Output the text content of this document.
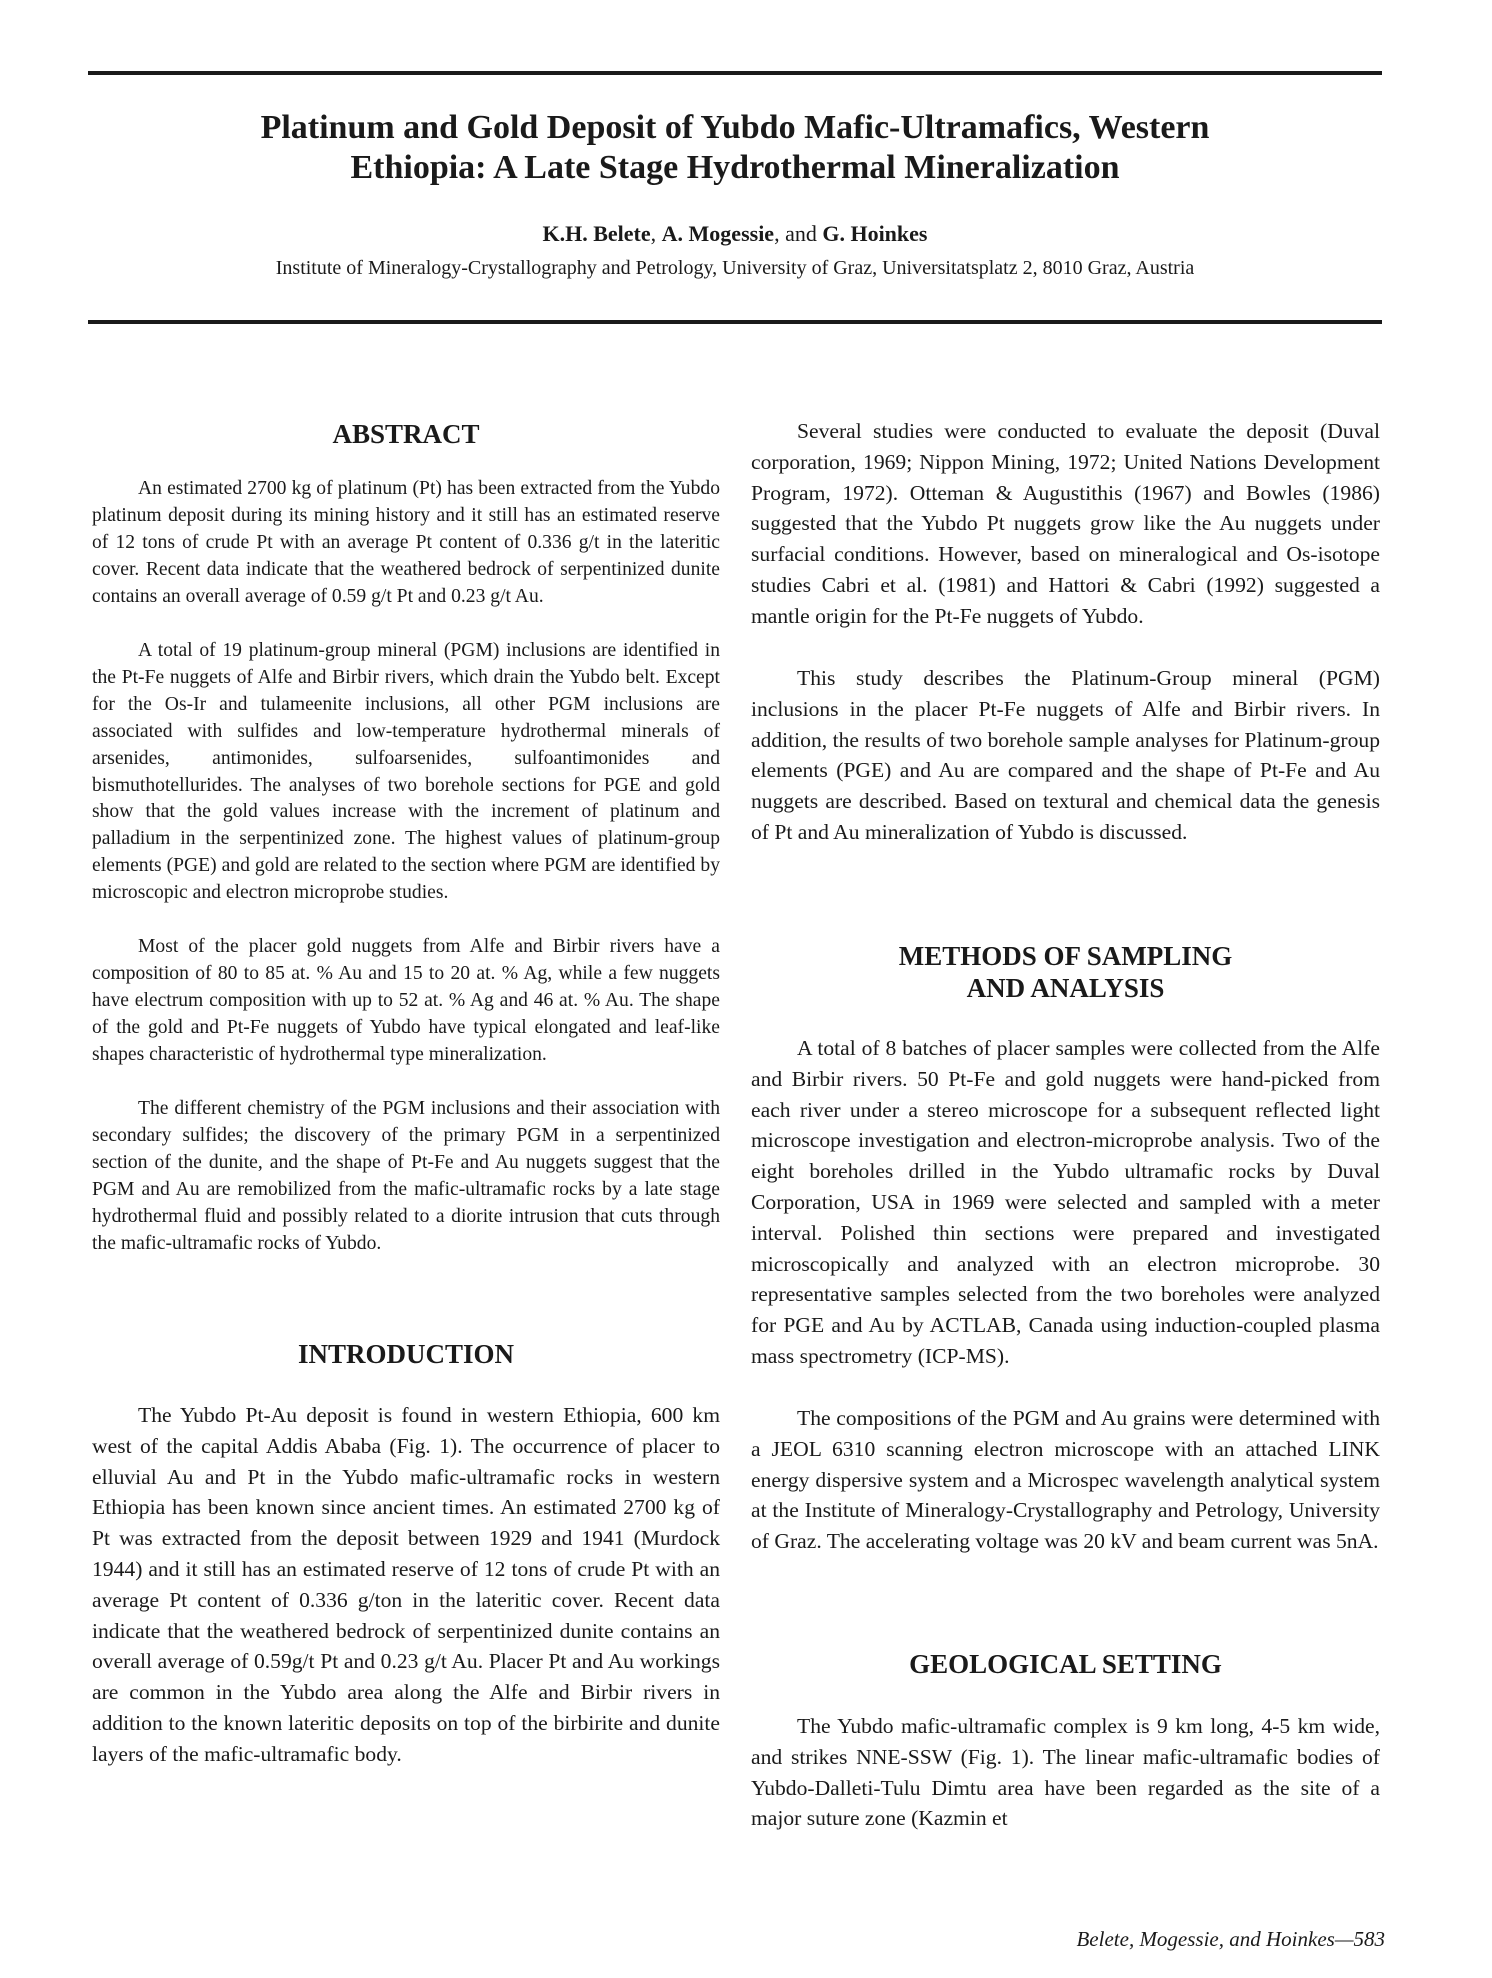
Platinum and Gold Deposit of Yubdo Mafic-Ultramafics, Western
Ethiopia: A Late Stage Hydrothermal Mineralization
K.H. Belete, A. Mogessie, and G. Hoinkes
Institute of Mineralogy-Crystallography and Petrology, University of Graz, Universitatsplatz 2, 8010 Graz, Austria
ABSTRACT

An estimated 2700 kg of platinum (Pt) has been extracted from the Yubdo platinum deposit during its mining history and it still has an estimated reserve of 12 tons of crude Pt with an average Pt content of 0.336 g/t in the lateritic cover. Recent data indicate that the weathered bedrock of serpentinized dunite contains an overall average of 0.59 g/t Pt and 0.23 g/t Au.

A total of 19 platinum-group mineral (PGM) inclusions are identified in the Pt-Fe nuggets of Alfe and Birbir rivers, which drain the Yubdo belt. Except for the Os-Ir and tulameenite inclusions, all other PGM inclusions are associated with sulfides and low-temperature hydrothermal minerals of arsenides, antimonides, sulfoarsenides, sulfoantimonides and bismuthotellurides. The analyses of two borehole sections for PGE and gold show that the gold values increase with the increment of platinum and palladium in the serpentinized zone. The highest values of platinum-group elements (PGE) and gold are related to the section where PGM are identified by microscopic and electron microprobe studies.

Most of the placer gold nuggets from Alfe and Birbir rivers have a composition of 80 to 85 at. % Au and 15 to 20 at. % Ag, while a few nuggets have electrum composition with up to 52 at. % Ag and 46 at. % Au. The shape of the gold and Pt-Fe nuggets of Yubdo have typical elongated and leaf-like shapes characteristic of hydrothermal type mineralization.

The different chemistry of the PGM inclusions and their association with secondary sulfides; the discovery of the primary PGM in a serpentinized section of the dunite, and the shape of Pt-Fe and Au nuggets suggest that the PGM and Au are remobilized from the mafic-ultramafic rocks by a late stage hydrothermal fluid and possibly related to a diorite intrusion that cuts through the mafic-ultramafic rocks of Yubdo.

INTRODUCTION

The Yubdo Pt-Au deposit is found in western Ethiopia, 600 km west of the capital Addis Ababa (Fig. 1). The occurrence of placer to elluvial Au and Pt in the Yubdo mafic-ultramafic rocks in western Ethiopia has been known since ancient times. An estimated 2700 kg of Pt was extracted from the deposit between 1929 and 1941 (Murdock 1944) and it still has an estimated reserve of 12 tons of crude Pt with an average Pt content of 0.336 g/ton in the lateritic cover. Recent data indicate that the weathered bedrock of serpentinized dunite contains an overall average of 0.59g/t Pt and 0.23 g/t Au. Placer Pt and Au workings are common in the Yubdo area along the Alfe and Birbir rivers in addition to the known lateritic deposits on top of the birbirite and dunite layers of the mafic-ultramafic body.

Several studies were conducted to evaluate the deposit (Duval corporation, 1969; Nippon Mining, 1972; United Nations Development Program, 1972). Otteman & Augustithis (1967) and Bowles (1986) suggested that the Yubdo Pt nuggets grow like the Au nuggets under surfacial conditions. However, based on mineralogical and Os-isotope studies Cabri et al. (1981) and Hattori & Cabri (1992) suggested a mantle origin for the Pt-Fe nuggets of Yubdo.

This study describes the Platinum-Group mineral (PGM) inclusions in the placer Pt-Fe nuggets of Alfe and Birbir rivers. In addition, the results of two borehole sample analyses for Platinum-group elements (PGE) and Au are compared and the shape of Pt-Fe and Au nuggets are described. Based on textural and chemical data the genesis of Pt and Au mineralization of Yubdo is discussed.

METHODS OF SAMPLING
AND ANALYSIS

A total of 8 batches of placer samples were collected from the Alfe and Birbir rivers. 50 Pt-Fe and gold nuggets were hand-picked from each river under a stereo microscope for a subsequent reflected light microscope investigation and electron-microprobe analysis. Two of the eight boreholes drilled in the Yubdo ultramafic rocks by Duval Corporation, USA in 1969 were selected and sampled with a meter interval. Polished thin sections were prepared and investigated microscopically and analyzed with an electron microprobe. 30 representative samples selected from the two boreholes were analyzed for PGE and Au by ACTLAB, Canada using induction-coupled plasma mass spectrometry (ICP-MS).

The compositions of the PGM and Au grains were determined with a JEOL 6310 scanning electron microscope with an attached LINK energy dispersive system and a Microspec wavelength analytical system at the Institute of Mineralogy-Crystallography and Petrology, University of Graz. The accelerating voltage was 20 kV and beam current was 5nA.

GEOLOGICAL SETTING

The Yubdo mafic-ultramafic complex is 9 km long, 4-5 km wide, and strikes NNE-SSW (Fig. 1). The linear mafic-ultramafic bodies of Yubdo-Dalleti-Tulu Dimtu area have been regarded as the site of a major suture zone (Kazmin et

Belete, Mogessie, and Hoinkes—583
